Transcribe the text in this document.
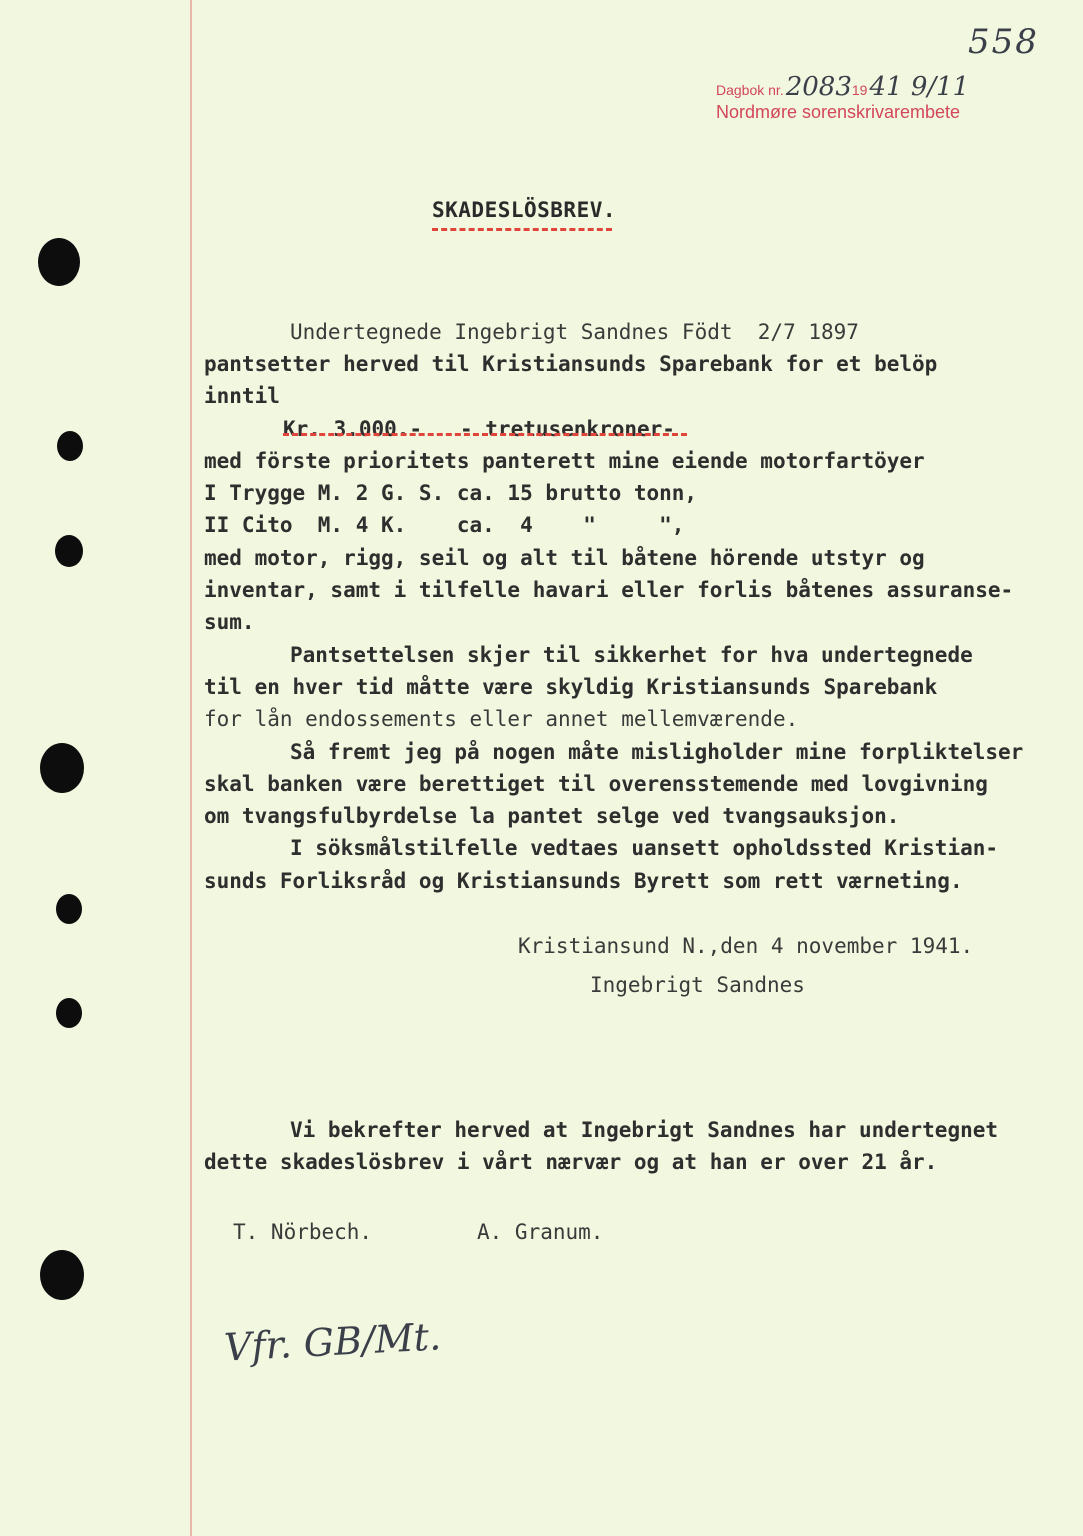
558
Dagbok nr.20831941 9/11
Nordmøre sorenskrivarembete
SKADESLÖSBREV.
Undertegnede Ingebrigt Sandnes Födt  2/7 1897
pantsetter herved til Kristiansunds Sparebank for et belöp
inntil
Kr. 3.000.-   - tretusenkroner-
med förste prioritets panterett mine eiende motorfartöyer
I Trygge M. 2 G. S. ca. 15 brutto tonn,
II Cito  M. 4 K.    ca.  4    "     ",
med motor, rigg, seil og alt til båtene hörende utstyr og
inventar, samt i tilfelle havari eller forlis båtenes assuranse-
sum.
Pantsettelsen skjer til sikkerhet for hva undertegnede
til en hver tid måtte være skyldig Kristiansunds Sparebank
for lån endossements eller annet mellemværende.
Så fremt jeg på nogen måte misligholder mine forpliktelser
skal banken være berettiget til overensstemende med lovgivning
om tvangsfulbyrdelse la pantet selge ved tvangsauksjon.
I söksmålstilfelle vedtaes uansett opholdssted Kristian-
sunds Forliksråd og Kristiansunds Byrett som rett værneting.
Kristiansund N.,den 4 november 1941.
Ingebrigt Sandnes
Vi bekrefter herved at Ingebrigt Sandnes har undertegnet
dette skadeslösbrev i vårt nærvær og at han er over 21 år.
T. Nörbech.	A. Granum.
Vfr. GB/Mt.
